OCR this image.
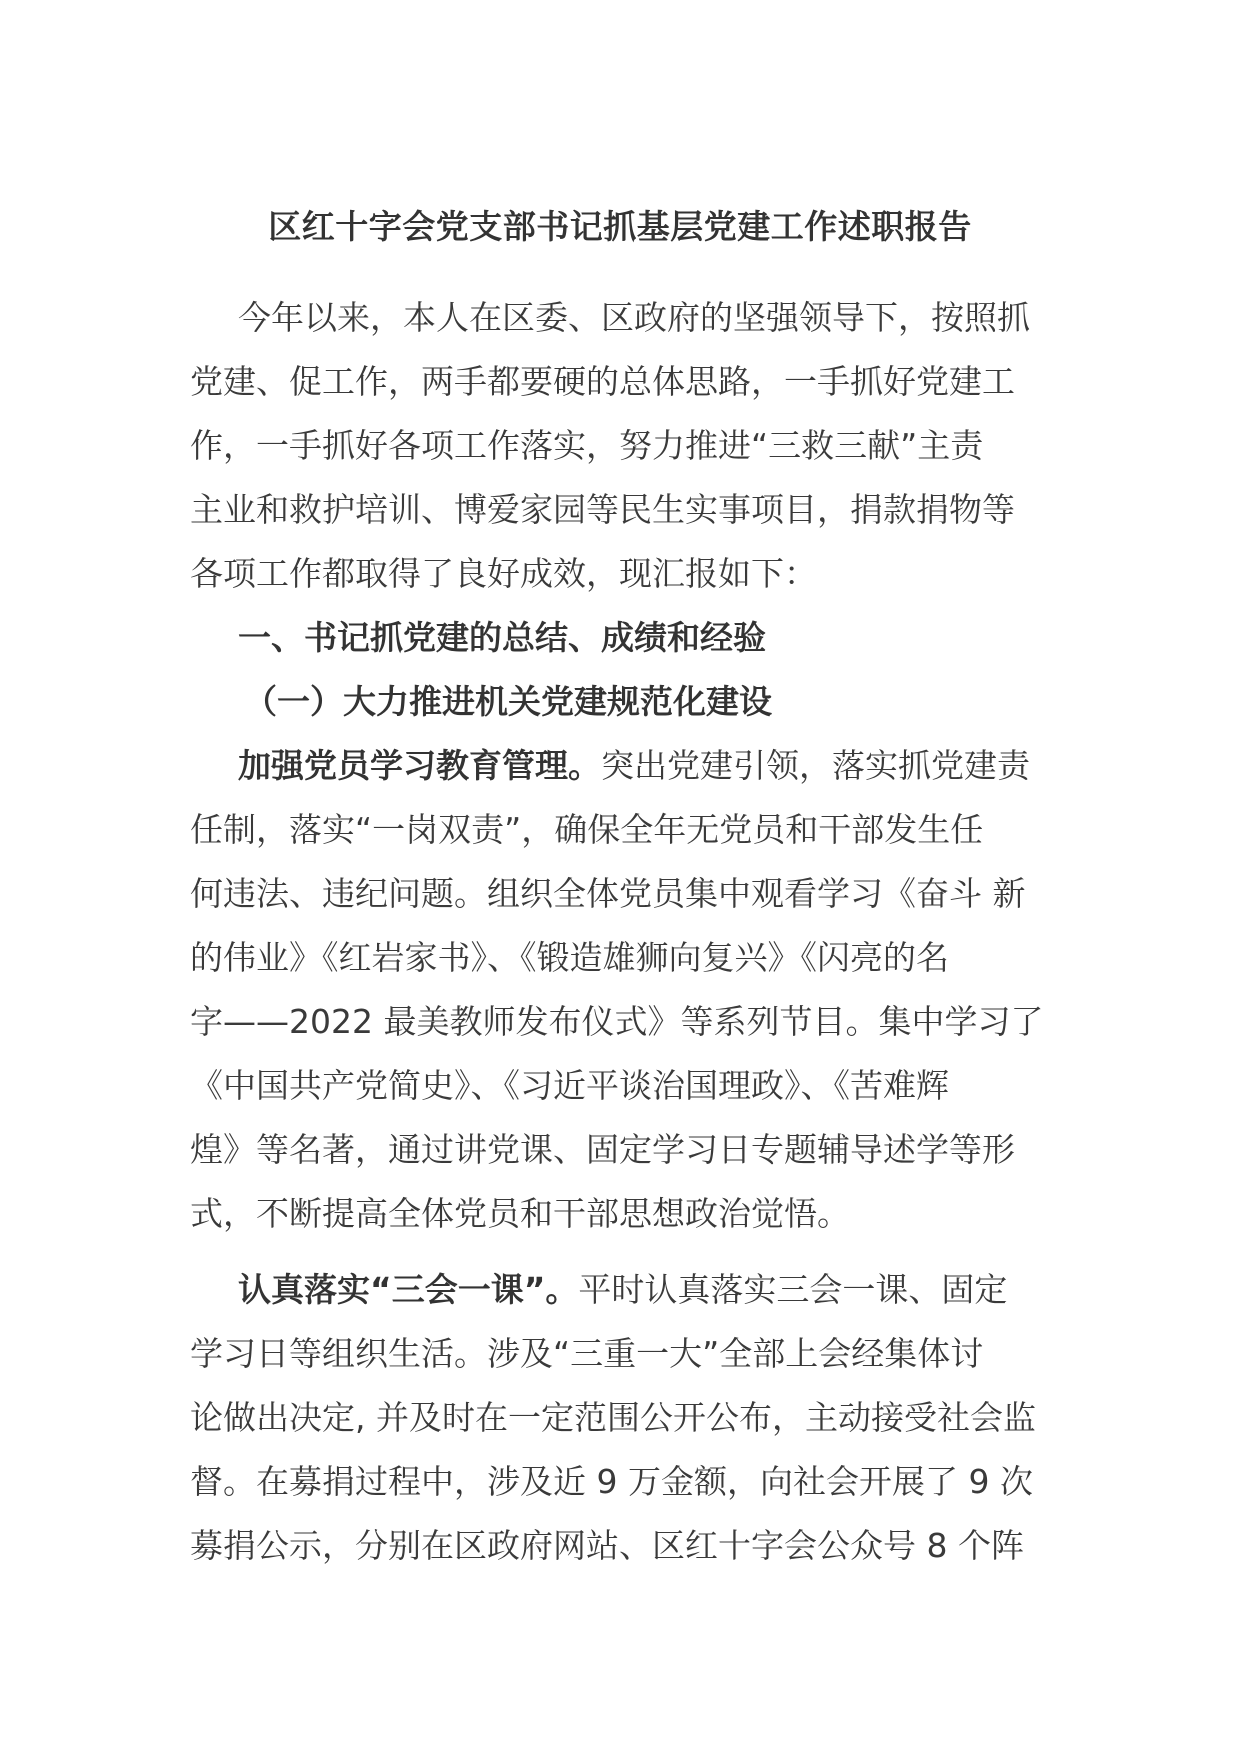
区红十字会党支部书记抓基层党建工作述职报告
今年以来，本人在区委、区政府的坚强领导下，按照抓
党建、促工作，两手都要硬的总体思路，一手抓好党建工
作，一手抓好各项工作落实，努力推进“三救三献”主责
主业和救护培训、博爱家园等民生实事项目，捐款捐物等
各项工作都取得了良好成效，现汇报如下：
一、书记抓党建的总结、成绩和经验
（一）大力推进机关党建规范化建设
加强党员学习教育管理。突出党建引领，落实抓党建责
任制，落实“一岗双责”，确保全年无党员和干部发生任
何违法、违纪问题。组织全体党员集中观看学习《奋斗 新
的伟业》《红岩家书》、《锻造雄狮向复兴》《闪亮的名
字——2022 最美教师发布仪式》等系列节目。集中学习了
《中国共产党简史》、《习近平谈治国理政》、《苦难辉
煌》等名著，通过讲党课、固定学习日专题辅导述学等形
式，不断提高全体党员和干部思想政治觉悟。
认真落实“三会一课”。平时认真落实三会一课、固定
学习日等组织生活。涉及“三重一大”全部上会经集体讨
论做出决定, 并及时在一定范围公开公布，主动接受社会监
督。在募捐过程中，涉及近 9 万金额，向社会开展了 9 次
募捐公示，分别在区政府网站、区红十字会公众号 8 个阵
